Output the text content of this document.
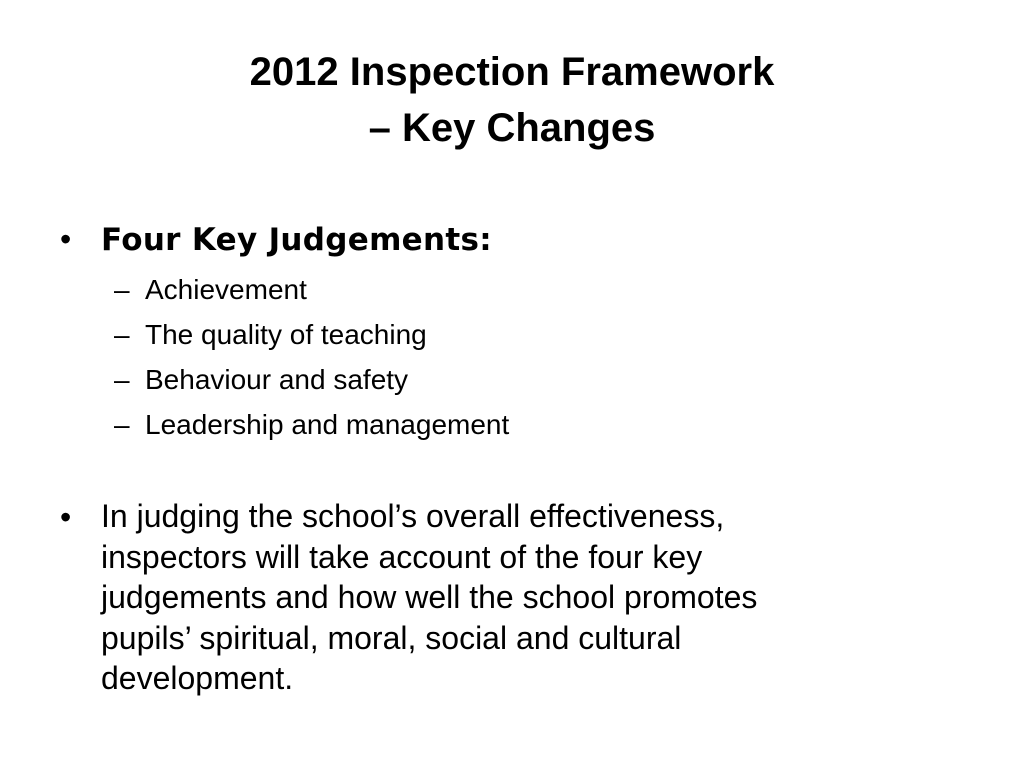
2012 Inspection Framework
– Key Changes
• Four Key Judgements:
– Achievement
– The quality of teaching
– Behaviour and safety
– Leadership and management
• In judging the school’s overall effectiveness,
inspectors will take account of the four key
judgements and how well the school promotes
pupils’ spiritual, moral, social and cultural
development.
